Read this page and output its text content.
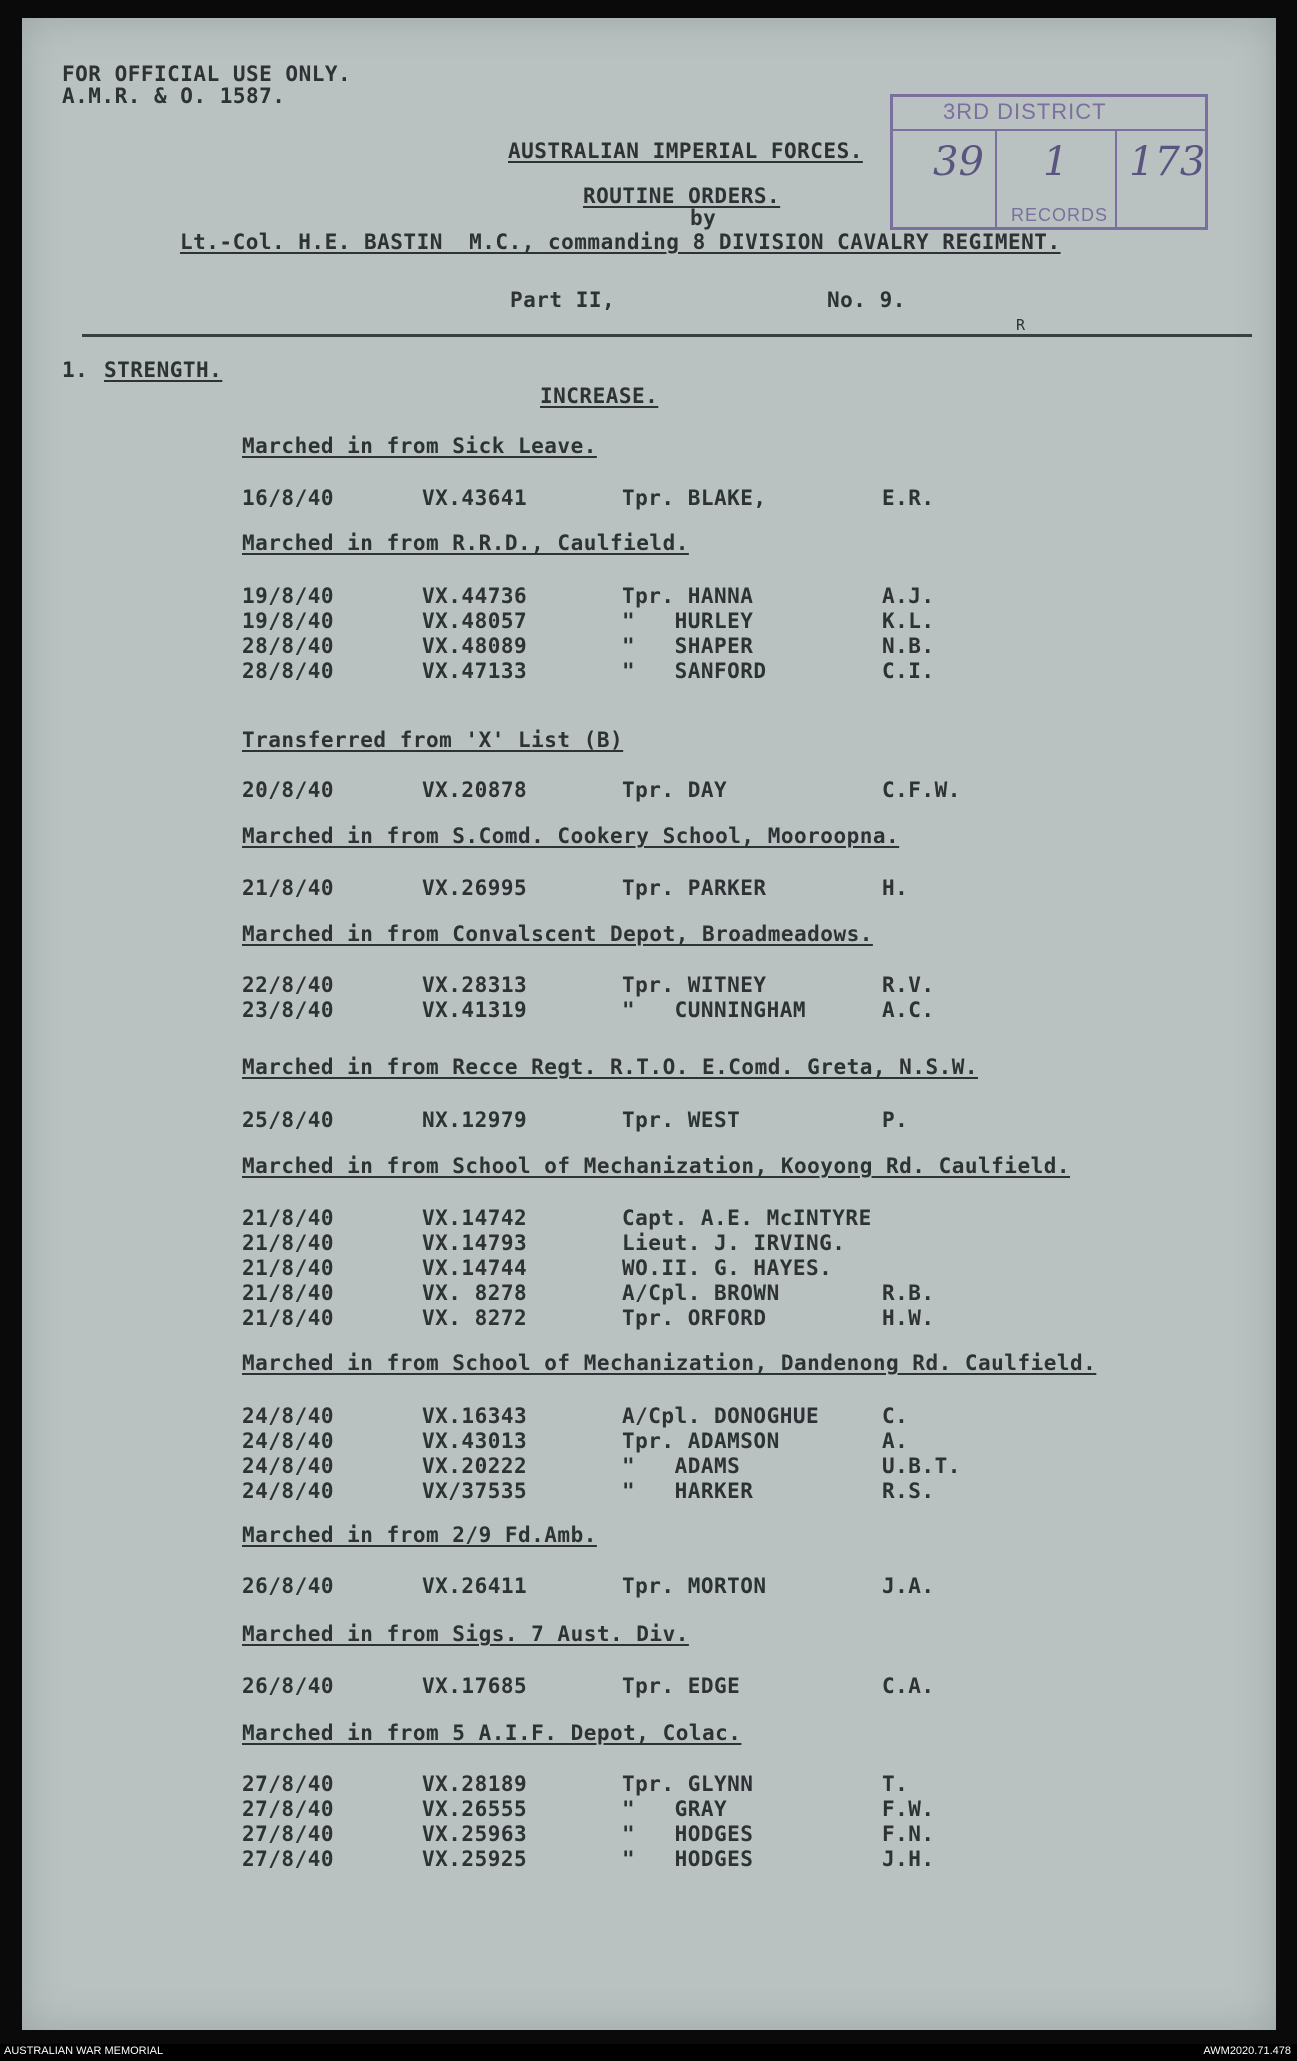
FOR OFFICIAL USE ONLY.
A.M.R. & O. 1587.
AUSTRALIAN IMPERIAL FORCES.
ROUTINE ORDERS.
by
Lt.-Col. H.E. BASTIN  M.C., commanding 8 DIVISION CAVALRY REGIMENT.
Part II,	No. 9.
R
3RD DISTRICT
39 1 173
RECORDS
1. STRENGTH.
INCREASE.
Marched in from Sick Leave.
16/8/40	VX.43641	Tpr. BLAKE,	E.R.
Marched in from R.R.D., Caulfield.
19/8/40	VX.44736	Tpr. HANNA	A.J.
19/8/40	VX.48057	"   HURLEY	K.L.
28/8/40	VX.48089	"   SHAPER	N.B.
28/8/40	VX.47133	"   SANFORD	C.I.
Transferred from 'X' List (B)
20/8/40	VX.20878	Tpr. DAY	C.F.W.
Marched in from S.Comd. Cookery School, Mooroopna.
21/8/40	VX.26995	Tpr. PARKER	H.
Marched in from Convalscent Depot, Broadmeadows.
22/8/40	VX.28313	Tpr. WITNEY	R.V.
23/8/40	VX.41319	"   CUNNINGHAM	A.C.
Marched in from Recce Regt. R.T.O. E.Comd. Greta, N.S.W.
25/8/40	NX.12979	Tpr. WEST	P.
Marched in from School of Mechanization, Kooyong Rd. Caulfield.
21/8/40	VX.14742	Capt. A.E. McINTYRE
21/8/40	VX.14793	Lieut. J. IRVING.
21/8/40	VX.14744	WO.II. G. HAYES.
21/8/40	VX. 8278	A/Cpl. BROWN	R.B.
21/8/40	VX. 8272	Tpr. ORFORD	H.W.
Marched in from School of Mechanization, Dandenong Rd. Caulfield.
24/8/40	VX.16343	A/Cpl. DONOGHUE	C.
24/8/40	VX.43013	Tpr. ADAMSON	A.
24/8/40	VX.20222	"   ADAMS	U.B.T.
24/8/40	VX/37535	"   HARKER	R.S.
Marched in from 2/9 Fd.Amb.
26/8/40	VX.26411	Tpr. MORTON	J.A.
Marched in from Sigs. 7 Aust. Div.
26/8/40	VX.17685	Tpr. EDGE	C.A.
Marched in from 5 A.I.F. Depot, Colac.
27/8/40	VX.28189	Tpr. GLYNN	T.
27/8/40	VX.26555	"   GRAY	F.W.
27/8/40	VX.25963	"   HODGES	F.N.
27/8/40	VX.25925	"   HODGES	J.H.
AUSTRALIAN WAR MEMORIAL	AWM2020.71.478
